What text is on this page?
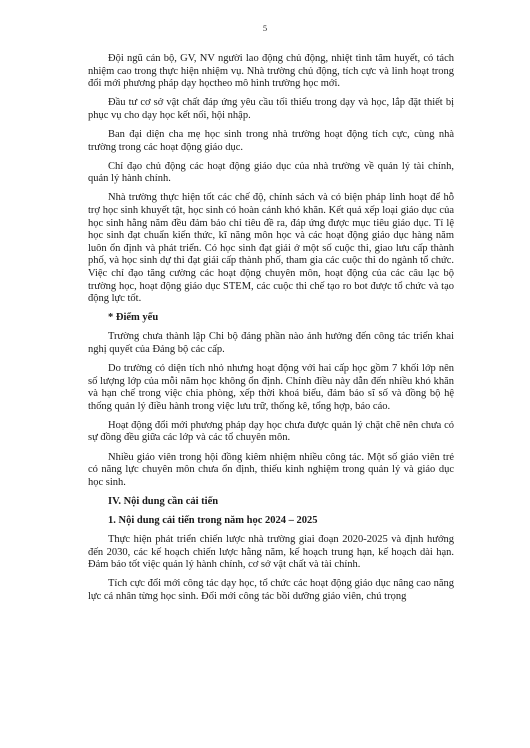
5

Đội ngũ cán bộ, GV, NV người lao động chủ động, nhiệt tình tâm huyết, có tách nhiệm cao trong thực hiện nhiệm vụ. Nhà trường chủ động, tích cực và linh hoạt trong đổi mới phương pháp dạy họctheo mô hình trường học mới.

Đầu tư cơ sở vật chất đáp ứng yêu cầu tối thiểu trong dạy và học, lắp đặt thiết bị phục vụ cho dạy học kết nối, hội nhập.

Ban đại diện cha mẹ học sinh trong nhà trường hoạt động tích cực, cùng nhà trường trong các hoạt động giáo dục.

Chỉ đạo chủ động các hoạt động giáo dục của nhà trường về quản lý tài chính, quản lý hành chính.

Nhà trường thực hiện tốt các chế độ, chính sách và có biện pháp linh hoạt để hỗ trợ học sinh khuyết tật, học sinh có hoàn cảnh khó khăn. Kết quả xếp loại giáo dục của học sinh hằng năm đều đảm bảo chỉ tiêu đề ra, đáp ứng được mục tiêu giáo dục. Tỉ lệ học sinh đạt chuẩn kiến thức, kĩ năng môn học và các hoạt động giáo dục hàng năm luôn ổn định và phát triển. Có học sinh đạt giải ở một số cuộc thi, giao lưu cấp thành phố, và học sinh dự thi đạt giải cấp thành phố, tham gia các cuộc thi do ngành tổ chức. Việc chỉ đạo tăng cường các hoạt động chuyên môn, hoạt động của các câu lạc bộ trường học, hoạt động giáo dục STEM, các cuộc thi chế tạo ro bot được tổ chức và tạo động lực tốt.

* Điểm yếu

Trường chưa thành lập Chi bộ đảng phần nào ảnh hưởng đến công tác triển khai nghị quyết của Đảng bộ các cấp.

Do trường có diện tích nhỏ nhưng hoạt động với hai cấp học gồm 7 khối lớp nên số lượng lớp của mỗi năm học không ổn định. Chính điều này dẫn đến nhiều khó khăn và hạn chế trong việc chia phòng, xếp thời khoá biểu, đảm bảo sĩ số và đồng bộ hệ thống quản lý điều hành trong việc lưu trữ, thống kê, tổng hợp, báo cáo.

Hoạt động đổi mới phương pháp dạy học chưa được quản lý chặt chẽ nên chưa có sự đồng đều giữa các lớp và các tổ chuyên môn.

Nhiều giáo viên trong hội đồng kiêm nhiệm nhiều công tác. Một số giáo viên trẻ có năng lực chuyên môn chưa ổn định, thiếu kinh nghiệm trong quản lý và giáo dục học sinh.

IV. Nội dung cần cải tiến

1. Nội dung cải tiến trong năm học 2024 – 2025

Thực hiện phát triển chiến lược nhà trường giai đoạn 2020-2025 và định hướng đến 2030, các kế hoạch chiến lược hằng năm, kế hoạch trung hạn, kế hoạch dài hạn. Đảm bảo tốt việc quản lý hành chính, cơ sở vật chất và tài chính.

Tích cực đổi mới công tác dạy học, tổ chức các hoạt động giáo dục nâng cao năng lực cá nhân từng học sinh. Đổi mới công tác bồi dưỡng giáo viên, chú trọng
